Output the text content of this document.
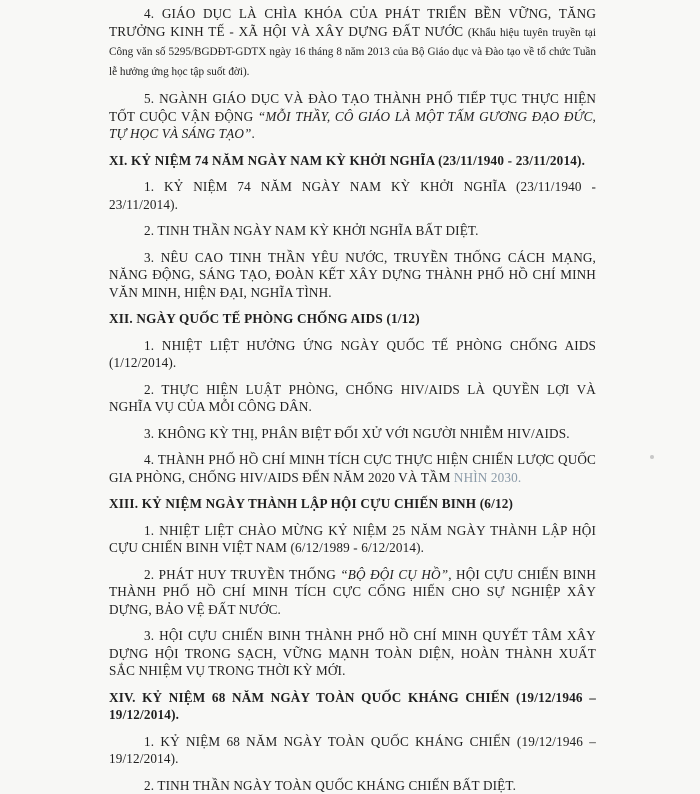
4. GIÁO DỤC LÀ CHÌA KHÓA CỦA PHÁT TRIỂN BỀN VỮNG, TĂNG TRƯỞNG KINH TẾ - XÃ HỘI VÀ XÂY DỰNG ĐẤT NƯỚC (Khẩu hiệu tuyên truyền tại Công văn số 5295/BGDĐT-GDTX ngày 16 tháng 8 năm 2013 của Bộ Giáo dục và Đào tạo về tổ chức Tuần lễ hưởng ứng học tập suốt đời).

5. NGÀNH GIÁO DỤC VÀ ĐÀO TẠO THÀNH PHỐ TIẾP TỤC THỰC HIỆN TỐT CUỘC VẬN ĐỘNG “MỖI THẦY, CÔ GIÁO LÀ MỘT TẤM GƯƠNG ĐẠO ĐỨC, TỰ HỌC VÀ SÁNG TẠO”.

XI. KỶ NIỆM 74 NĂM NGÀY NAM KỲ KHỞI NGHĨA (23/11/1940 - 23/11/2014).

1. KỶ NIỆM 74 NĂM NGÀY NAM KỲ KHỞI NGHĨA (23/11/1940 - 23/11/2014).

2. TINH THẦN NGÀY NAM KỲ KHỞI NGHĨA BẤT DIỆT.

3. NÊU CAO TINH THẦN YÊU NƯỚC, TRUYỀN THỐNG CÁCH MẠNG, NĂNG ĐỘNG, SÁNG TẠO, ĐOÀN KẾT XÂY DỰNG THÀNH PHỐ HỒ CHÍ MINH VĂN MINH, HIỆN ĐẠI, NGHĨA TÌNH.

XII. NGÀY QUỐC TẾ PHÒNG CHỐNG AIDS (1/12)

1. NHIỆT LIỆT HƯỞNG ỨNG NGÀY QUỐC TẾ PHÒNG CHỐNG AIDS (1/12/2014).

2. THỰC HIỆN LUẬT PHÒNG, CHỐNG HIV/AIDS LÀ QUYỀN LỢI VÀ NGHĨA VỤ CỦA MỖI CÔNG DÂN.

3. KHÔNG KỲ THỊ, PHÂN BIỆT ĐỐI XỬ VỚI NGƯỜI NHIỄM HIV/AIDS.

4. THÀNH PHỐ HỒ CHÍ MINH TÍCH CỰC THỰC HIỆN CHIẾN LƯỢC QUỐC GIA PHÒNG, CHỐNG HIV/AIDS ĐẾN NĂM 2020 VÀ TẦM NHÌN 2030.

XIII. KỶ NIỆM NGÀY THÀNH LẬP HỘI CỰU CHIẾN BINH (6/12)

1. NHIỆT LIỆT CHÀO MỪNG KỶ NIỆM 25 NĂM NGÀY THÀNH LẬP HỘI CỰU CHIẾN BINH VIỆT NAM (6/12/1989 - 6/12/2014).

2. PHÁT HUY TRUYỀN THỐNG “BỘ ĐỘI CỤ HỒ”, HỘI CỰU CHIẾN BINH THÀNH PHỐ HỒ CHÍ MINH TÍCH CỰC CỐNG HIẾN CHO SỰ NGHIỆP XÂY DỰNG, BẢO VỆ ĐẤT NƯỚC.

3. HỘI CỰU CHIẾN BINH THÀNH PHỐ HỒ CHÍ MINH QUYẾT TÂM XÂY DỰNG HỘI TRONG SẠCH, VỮNG MẠNH TOÀN DIỆN, HOÀN THÀNH XUẤT SẮC NHIỆM VỤ TRONG THỜI KỲ MỚI.

XIV. KỶ NIỆM 68 NĂM NGÀY TOÀN QUỐC KHÁNG CHIẾN (19/12/1946 – 19/12/2014).

1. KỶ NIỆM 68 NĂM NGÀY TOÀN QUỐC KHÁNG CHIẾN (19/12/1946 – 19/12/2014).

2. TINH THẦN NGÀY TOÀN QUỐC KHÁNG CHIẾN BẤT DIỆT.
